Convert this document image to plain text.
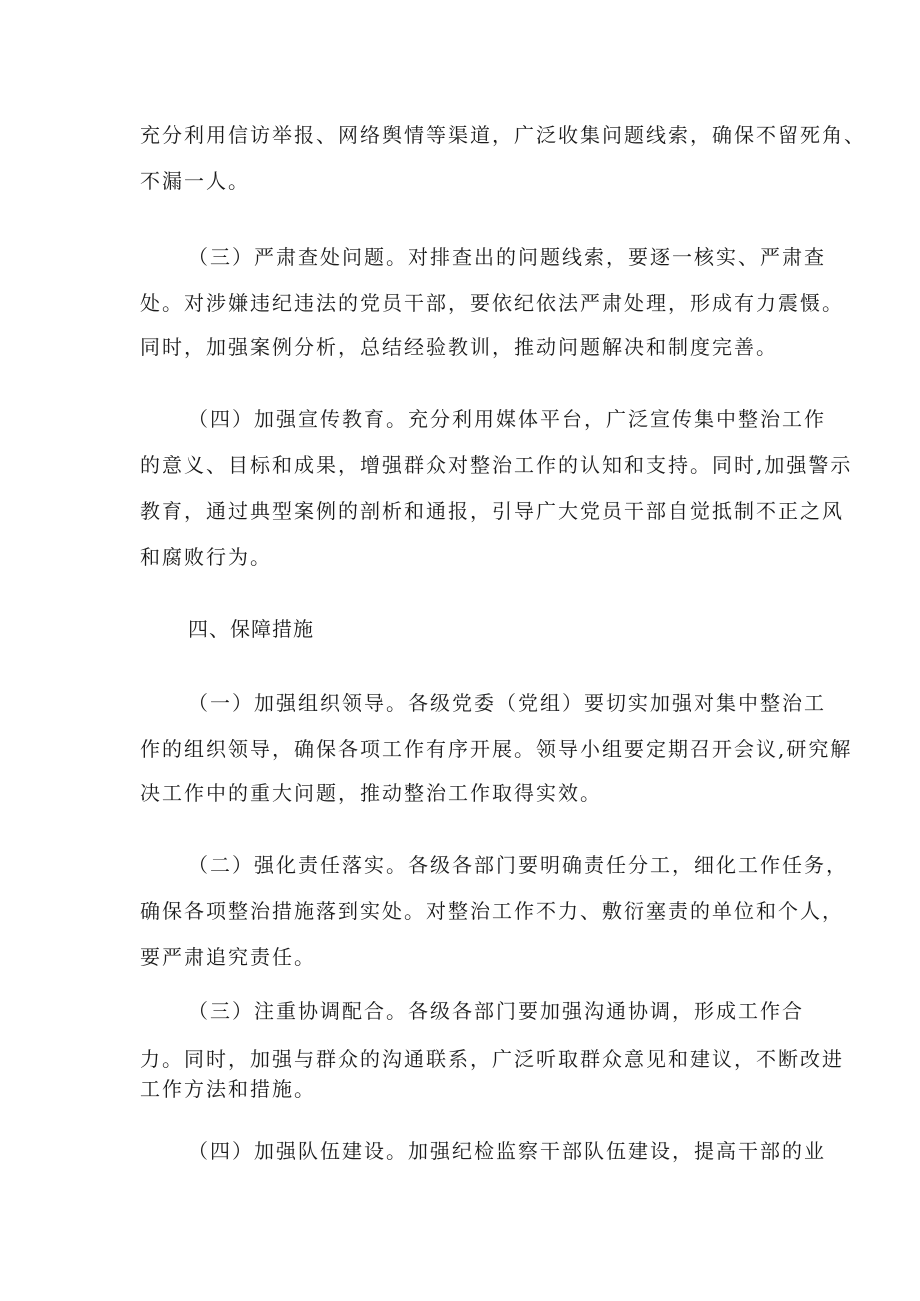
充分利用信访举报、网络舆情等渠道，广泛收集问题线索，确保不留死角、
不漏一人。
（三）严肃查处问题。对排查出的问题线索，要逐一核实、严肃查
处。对涉嫌违纪违法的党员干部，要依纪依法严肃处理，形成有力震慑。
同时，加强案例分析，总结经验教训，推动问题解决和制度完善。
（四）加强宣传教育。充分利用媒体平台，广泛宣传集中整治工作
的意义、目标和成果，增强群众对整治工作的认知和支持。同时,加强警示
教育，通过典型案例的剖析和通报，引导广大党员干部自觉抵制不正之风
和腐败行为。
四、保障措施
（一）加强组织领导。各级党委（党组）要切实加强对集中整治工
作的组织领导，确保各项工作有序开展。领导小组要定期召开会议,研究解
决工作中的重大问题，推动整治工作取得实效。
（二）强化责任落实。各级各部门要明确责任分工，细化工作任务，
确保各项整治措施落到实处。对整治工作不力、敷衍塞责的单位和个人，
要严肃追究责任。
（三）注重协调配合。各级各部门要加强沟通协调，形成工作合
力。同时，加强与群众的沟通联系，广泛听取群众意见和建议，不断改进
工作方法和措施。
（四）加强队伍建设。加强纪检监察干部队伍建设，提高干部的业
